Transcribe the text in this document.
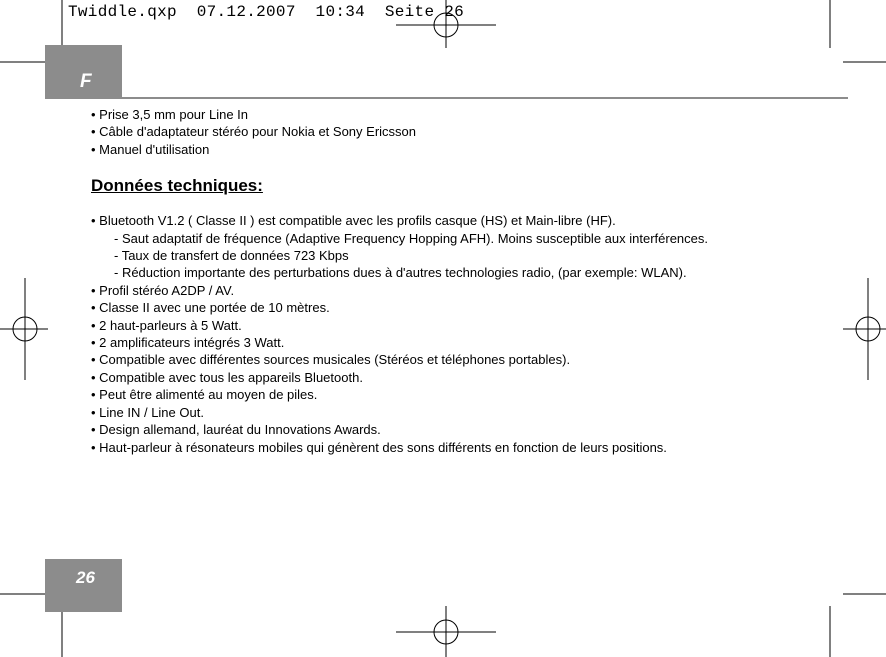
Twiddle.qxp  07.12.2007  10:34  Seite 26
F
• Prise 3,5 mm pour Line In
• Câble d'adaptateur stéréo pour Nokia et Sony Ericsson
• Manuel d'utilisation
Données techniques:
• Bluetooth V1.2 ( Classe II ) est compatible avec les profils casque (HS) et Main-libre (HF).
- Saut adaptatif de fréquence (Adaptive Frequency Hopping AFH). Moins susceptible aux interférences.
- Taux de transfert de données 723 Kbps
- Réduction importante des perturbations dues à d'autres technologies radio, (par exemple: WLAN).
• Profil stéréo A2DP / AV.
• Classe II avec une portée de 10 mètres.
• 2 haut-parleurs à 5 Watt.
• 2 amplificateurs intégrés 3 Watt.
• Compatible avec différentes sources musicales (Stéréos et téléphones portables).
• Compatible avec tous les appareils Bluetooth.
• Peut être alimenté au moyen de piles.
• Line IN / Line Out.
• Design allemand, lauréat du Innovations Awards.
• Haut-parleur à résonateurs mobiles qui génèrent des sons différents en fonction de leurs positions.
26
